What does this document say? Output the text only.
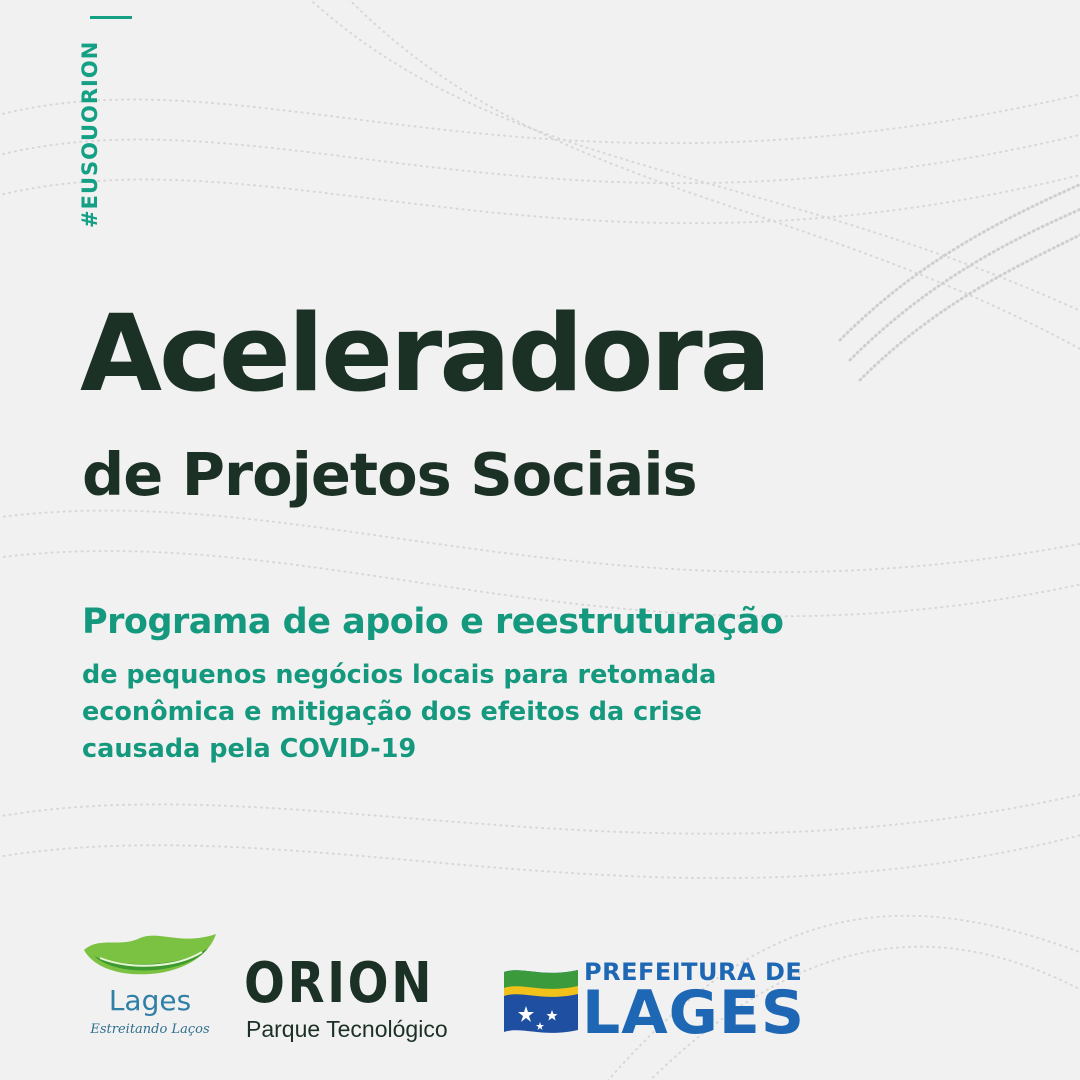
#EUSOUORION
Aceleradora
de Projetos Sociais
Programa de apoio e reestruturação
de pequenos negócios locais para retomada
econômica e mitigação dos efeitos da crise
causada pela COVID-19
Lages
Estreitando Laços
ORION
Parque Tecnológico
PREFEITURA DE
LAGES
